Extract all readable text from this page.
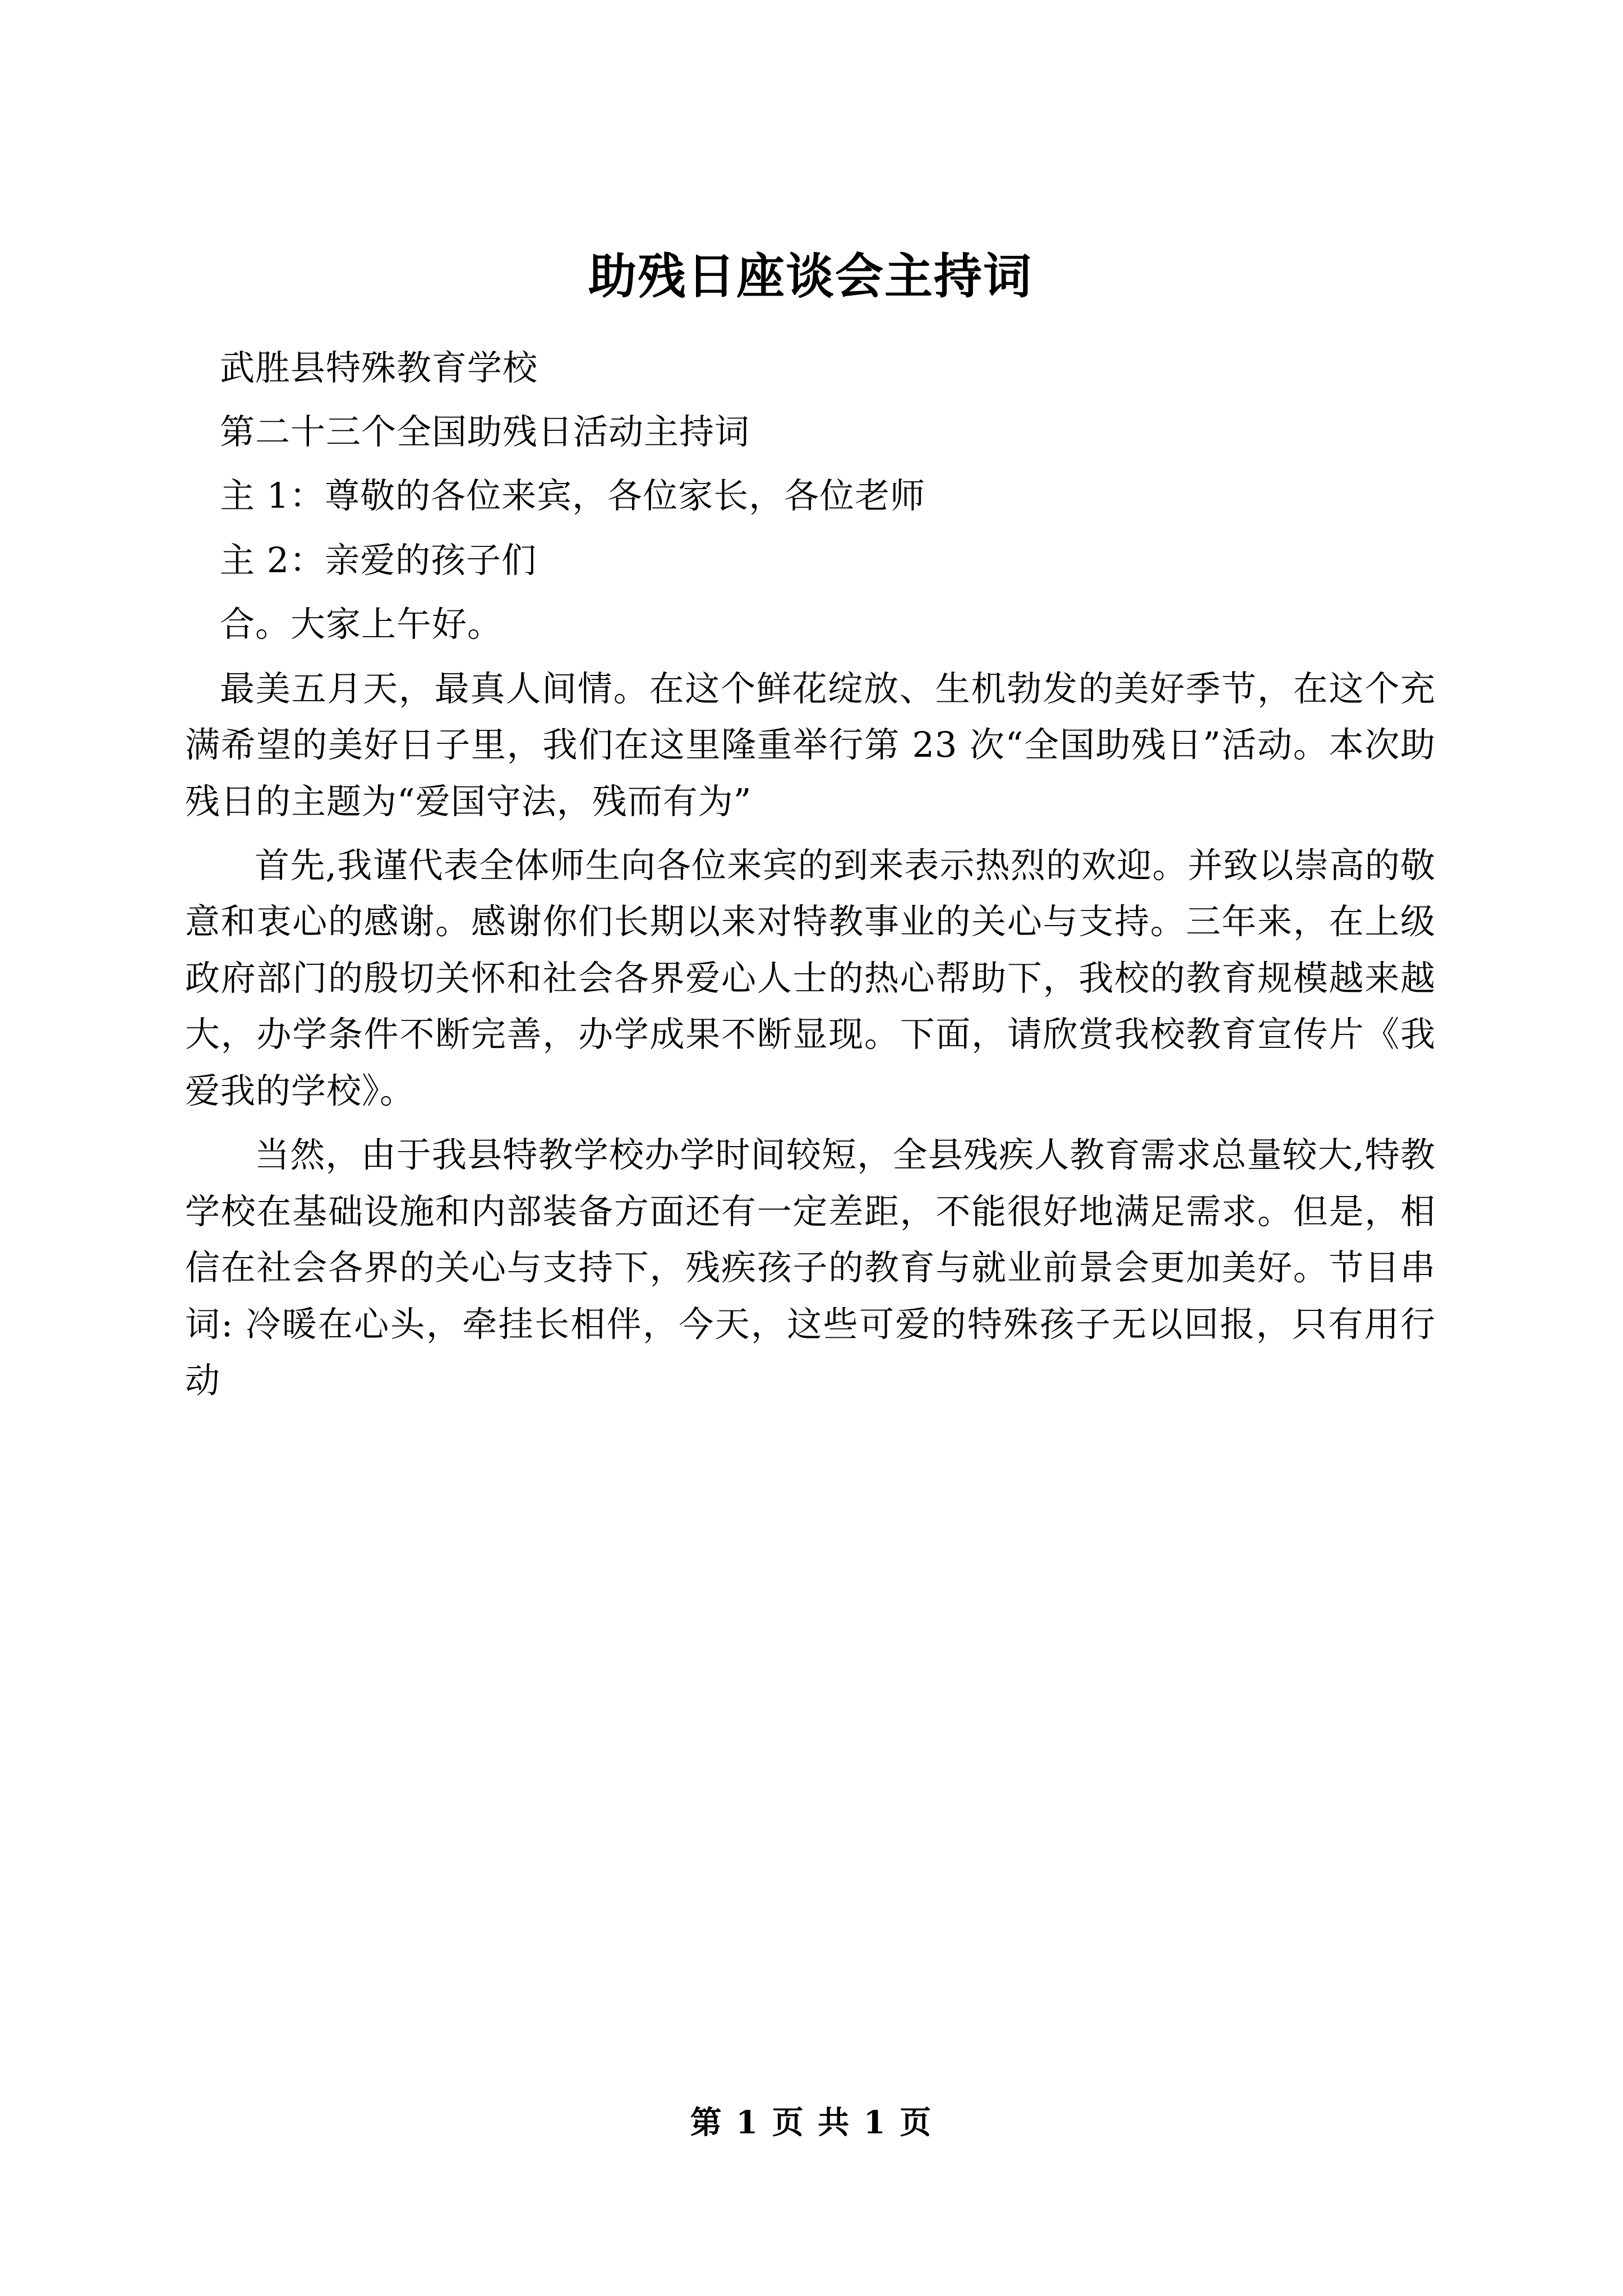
助残日座谈会主持词

武胜县特殊教育学校

第二十三个全国助残日活动主持词

主 1：尊敬的各位来宾，各位家长，各位老师

主 2：亲爱的孩子们

合。大家上午好。

最美五月天，最真人间情。在这个鲜花绽放、生机勃发的美好季节，在这个充满希望的美好日子里，我们在这里隆重举行第 23 次“全国助残日”活动。本次助残日的主题为“爱国守法，残而有为”

首先,我谨代表全体师生向各位来宾的到来表示热烈的欢迎。并致以崇高的敬意和衷心的感谢。感谢你们长期以来对特教事业的关心与支持。三年来，在上级政府部门的殷切关怀和社会各界爱心人士的热心帮助下，我校的教育规模越来越大，办学条件不断完善，办学成果不断显现。下面，请欣赏我校教育宣传片《我爱我的学校》。

当然，由于我县特教学校办学时间较短，全县残疾人教育需求总量较大,特教学校在基础设施和内部装备方面还有一定差距，不能很好地满足需求。但是，相信在社会各界的关心与支持下，残疾孩子的教育与就业前景会更加美好。节目串词: 冷暖在心头，牵挂长相伴，今天，这些可爱的特殊孩子无以回报，只有用行动

第 1 页 共 1 页
